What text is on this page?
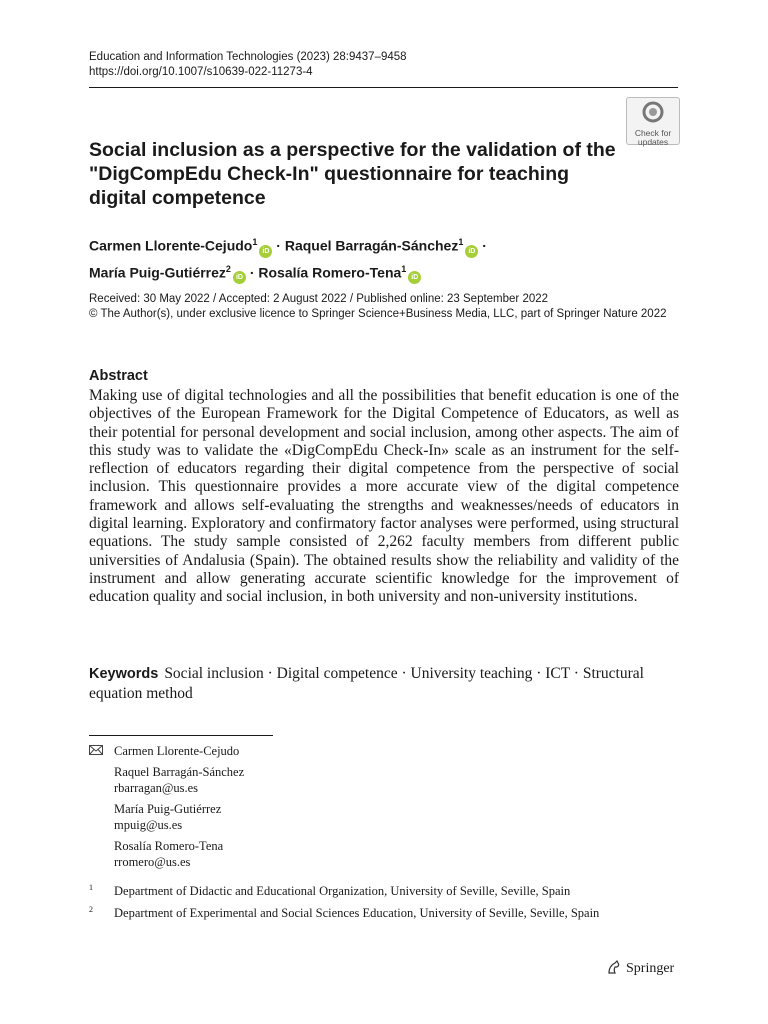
Education and Information Technologies (2023) 28:9437–9458
https://doi.org/10.1007/s10639-022-11273-4
Check for
updates
Social inclusion as a perspective for the validation of the "DigCompEdu Check-In" questionnaire for teaching digital competence
Carmen Llorente-Cejudo$^1$iD · Raquel Barragán-Sánchez$^1$iD ·
María Puig-Gutiérrez$^2$iD · Rosalía Romero-Tena$^1$iD
Received: 30 May 2022 / Accepted: 2 August 2022 / Published online: 23 September 2022
© The Author(s), under exclusive licence to Springer Science+Business Media, LLC, part of Springer Nature 2022
Abstract

Making use of digital technologies and all the possibilities that benefit education is one of the objectives of the European Framework for the Digital Competence of Educators, as well as their potential for personal development and social inclusion, among other aspects. The aim of this study was to validate the «DigCompEdu Check-In» scale as an instrument for the self-reflection of educators regarding their digital competence from the perspective of social inclusion. This questionnaire provides a more accurate view of the digital competence framework and allows self-evaluating the strengths and weaknesses/needs of educators in digital learning. Exploratory and confirmatory factor analyses were performed, using structural equations. The study sample consisted of 2,262 faculty members from different public universities of Andalusia (Spain). The obtained results show the reliability and validity of the instrument and allow generating accurate scientific knowledge for the improvement of education quality and social inclusion, in both university and non-university institutions.

Keywords Social inclusion · Digital competence · University teaching · ICT · Structural equation method
Carmen Llorente-Cejudo
Raquel Barragán-Sánchez
rbarragan@us.es
María Puig-Gutiérrez
mpuig@us.es
Rosalía Romero-Tena
rromero@us.es
1 Department of Didactic and Educational Organization, University of Seville, Seville, Spain
2 Department of Experimental and Social Sciences Education, University of Seville, Seville, Spain
Springer
